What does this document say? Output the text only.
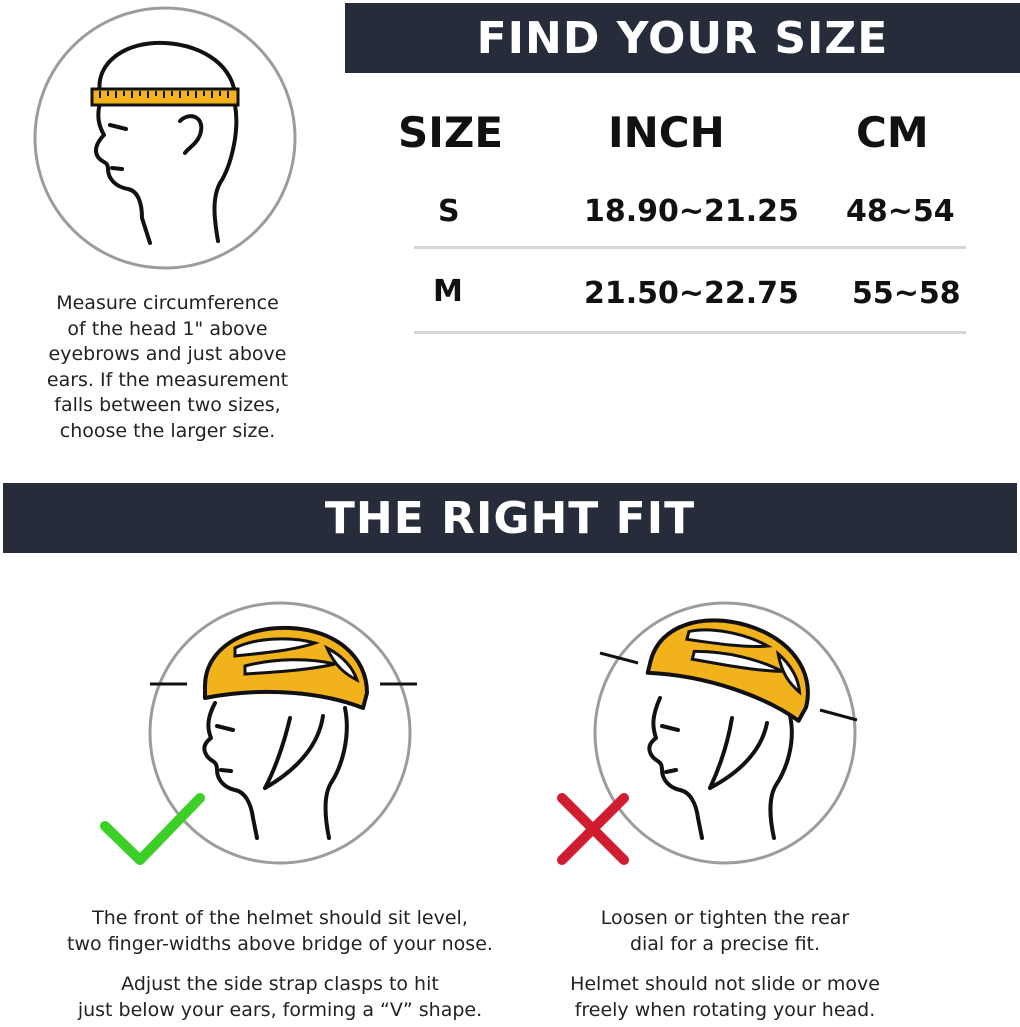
FIND YOUR SIZE
Measure circumference
of the head 1" above
eyebrows and just above
ears. If the measurement
falls between two sizes,
choose the larger size.
SIZE INCH	CM
S	18.90~21.25 48~54
M	21.50~22.75 55~58
THE RIGHT FIT
The front of the helmet should sit level,
two finger-widths above bridge of your nose.
Adjust the side strap clasps to hit
just below your ears, forming a “V” shape.
Loosen or tighten the rear
dial for a precise fit.
Helmet should not slide or move
freely when rotating your head.
